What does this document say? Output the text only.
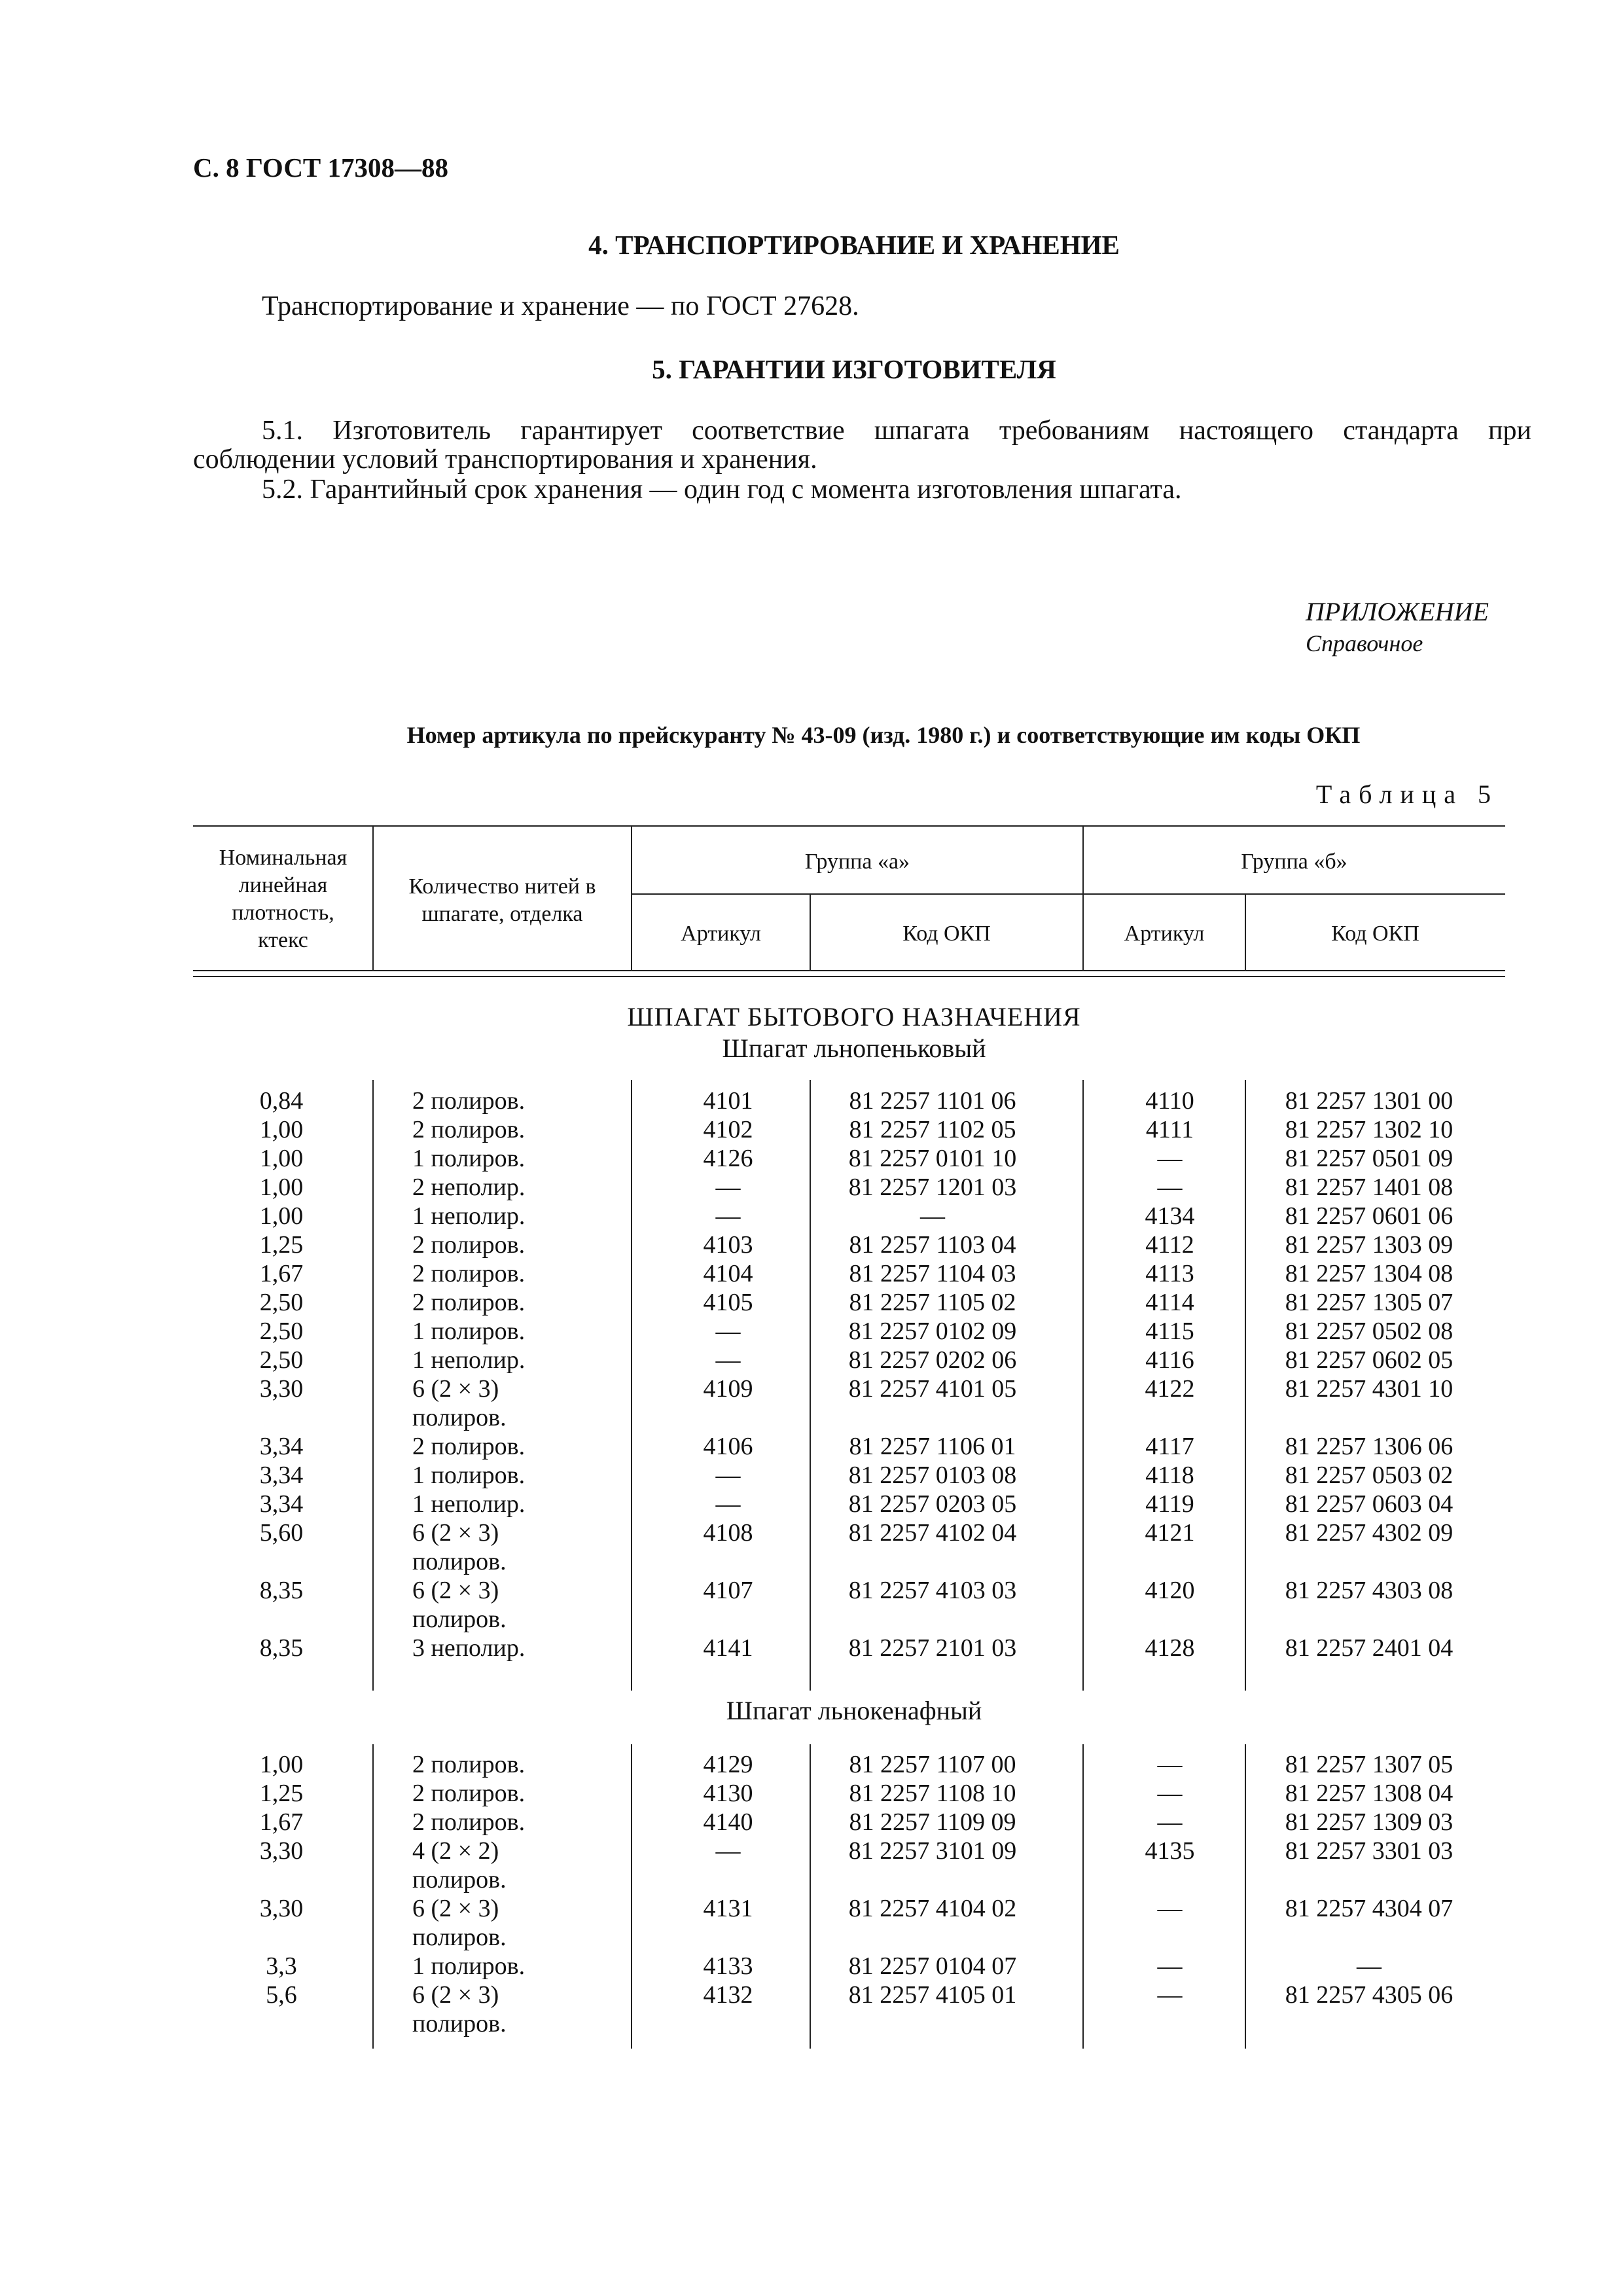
С. 8 ГОСТ 17308—88
4. ТРАНСПОРТИРОВАНИЕ И ХРАНЕНИЕ
Транспортирование и хранение — по ГОСТ 27628.
5. ГАРАНТИИ ИЗГОТОВИТЕЛЯ
5.1. Изготовитель гарантирует соответствие шпагата требованиям настоящего стандарта при
соблюдении условий транспортирования и хранения.
5.2. Гарантийный срок хранения — один год с момента изготовления шпагата.
ПРИЛОЖЕНИЕ
Справочное
Номер артикула по прейскуранту № 43-09 (изд. 1980 г.) и соответствующие им коды ОКП
Таблица 5
Номинальная
линейная
плотность,
ктекс
Количество нитей в
шпагате, отделка
Группа «а»	Группа «б»
Артикул	Код ОКП	Артикул	Код ОКП
ШПАГАТ БЫТОВОГО НАЗНАЧЕНИЯ
Шпагат льнопеньковый
0,84	2 полиров.	4101	81 2257 1101 06	4110	81 2257 1301 00
1,00	2 полиров.	4102	81 2257 1102 05	4111	81 2257 1302 10
1,00	1 полиров.	4126	81 2257 0101 10	—	81 2257 0501 09
1,00	2 неполир.	—	81 2257 1201 03	—	81 2257 1401 08
1,00	1 неполир.	—	—	4134	81 2257 0601 06
1,25	2 полиров.	4103	81 2257 1103 04	4112	81 2257 1303 09
1,67	2 полиров.	4104	81 2257 1104 03	4113	81 2257 1304 08
2,50	2 полиров.	4105	81 2257 1105 02	4114	81 2257 1305 07
2,50	1 полиров.	—	81 2257 0102 09	4115	81 2257 0502 08
2,50	1 неполир.	—	81 2257 0202 06	4116	81 2257 0602 05
3,30	6 (2 × 3)	4109	81 2257 4101 05	4122	81 2257 4301 10
полиров.
3,34	2 полиров.	4106	81 2257 1106 01	4117	81 2257 1306 06
3,34	1 полиров.	—	81 2257 0103 08	4118	81 2257 0503 02
3,34	1 неполир.	—	81 2257 0203 05	4119	81 2257 0603 04
5,60	6 (2 × 3)	4108	81 2257 4102 04	4121	81 2257 4302 09
полиров.
8,35	6 (2 × 3)	4107	81 2257 4103 03	4120	81 2257 4303 08
полиров.
8,35	3 неполир.	4141	81 2257 2101 03	4128	81 2257 2401 04
Шпагат льнокенафный
1,00	2 полиров.	4129	81 2257 1107 00	—	81 2257 1307 05
1,25	2 полиров.	4130	81 2257 1108 10	—	81 2257 1308 04
1,67	2 полиров.	4140	81 2257 1109 09	—	81 2257 1309 03
3,30	4 (2 × 2)	—	81 2257 3101 09	4135	81 2257 3301 03
полиров.
3,30	6 (2 × 3)	4131	81 2257 4104 02	—	81 2257 4304 07
полиров.
3,3	1 полиров.	4133	81 2257 0104 07	—	—
5,6	6 (2 × 3)	4132	81 2257 4105 01	—	81 2257 4305 06
полиров.
